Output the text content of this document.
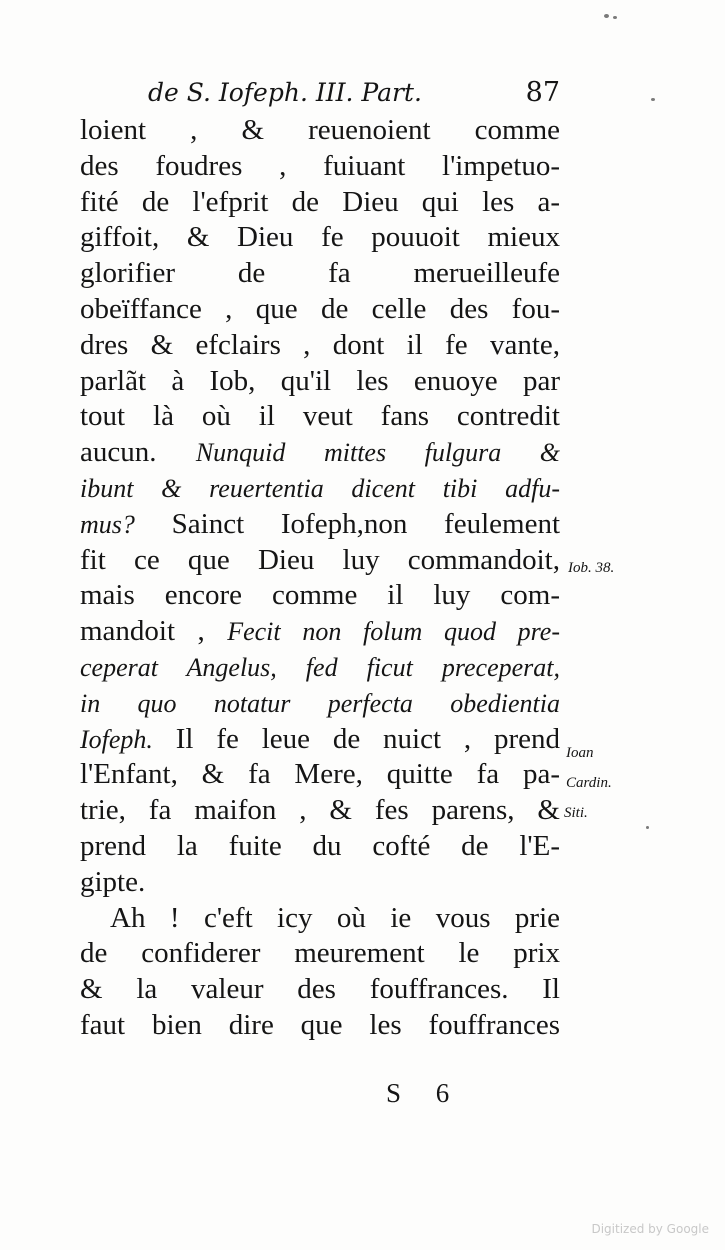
de S. Iofeph. III. Part.	87
loient , & reuenoient comme
des foudres , fuiuant l'impetuo-
fité de l'efprit de Dieu qui les a-
giffoit, & Dieu fe pouuoit mieux
glorifier de fa merueilleufe
obeïffance , que de celle des fou-
dres & efclairs , dont il fe vante,
parlãt à Iob, qu'il les enuoye par
tout là où il veut fans contredit
aucun. Nunquid mittes fulgura &
ibunt & reuertentia dicent tibi adfu-
mus? Sainct Iofeph,non feulement
fit ce que Dieu luy commandoit,
mais encore comme il luy com-
mandoit , Fecit non folum quod pre-
ceperat Angelus, fed ficut preceperat,
in quo notatur perfecta obedientia
Iofeph. Il fe leue de nuict , prend
l'Enfant, & fa Mere, quitte fa pa-
trie, fa maifon , & fes parens, &
prend la fuite du cofté de l'E-
gipte.
Ah ! c'eft icy où ie vous prie
de confiderer meurement le prix
& la valeur des fouffrances. Il
faut bien dire que les fouffrances
Iob. 38.
Ioan
Cardin.
Siti.
S 6
Digitized by Google
